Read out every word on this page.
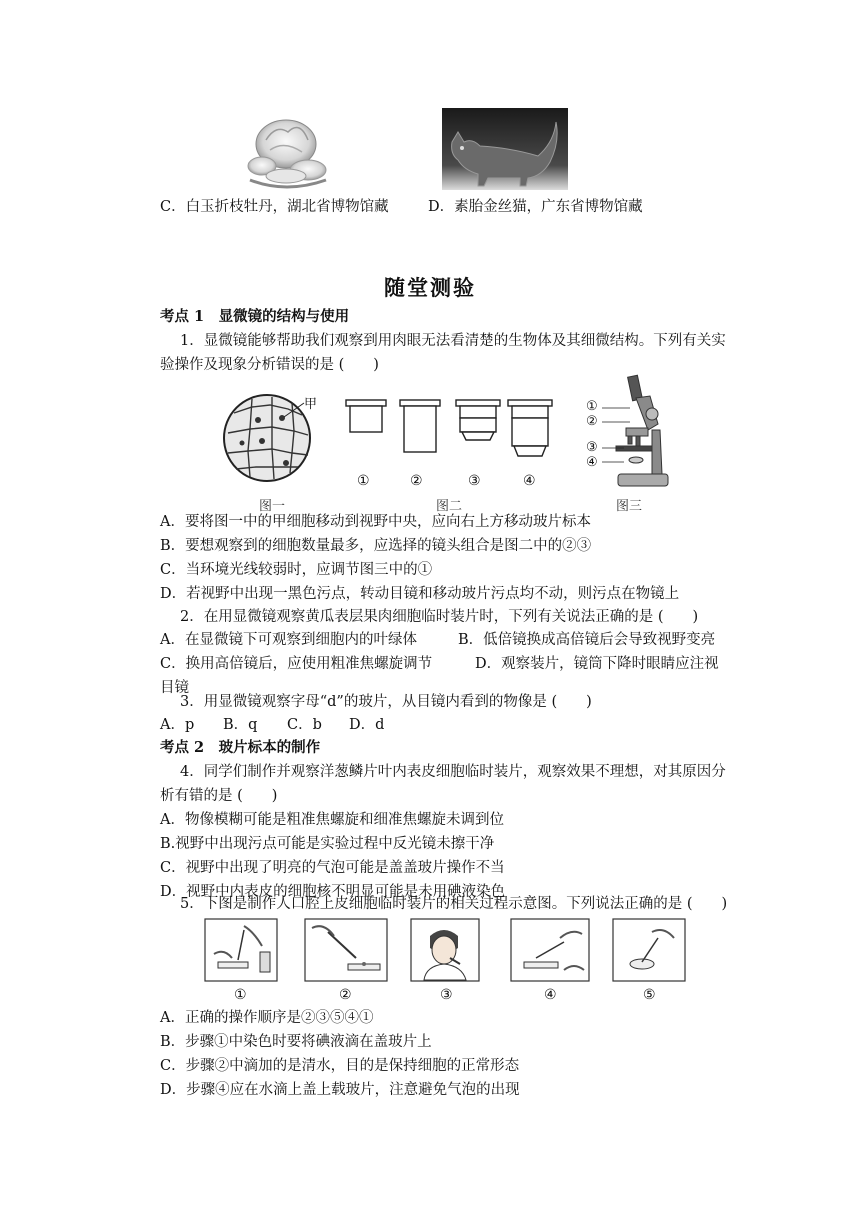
C．白玉折枝牡丹，湖北省博物馆藏	D．素胎金丝猫，广东省博物馆藏
随堂测验
考点 1　显微镜的结构与使用
1．显微镜能够帮助我们观察到用肉眼无法看清楚的生物体及其细微结构。下列有关实
验操作及现象分析错误的是 (　　)
甲
①	②	③	④
①
②
③
④
图一	图二	图三
A．要将图一中的甲细胞移动到视野中央，应向右上方移动玻片标本
B．要想观察到的细胞数量最多，应选择的镜头组合是图二中的②③
C．当环境光线较弱时，应调节图三中的①
D．若视野中出现一黑色污点，转动目镜和移动玻片污点均不动，则污点在物镜上
2．在用显微镜观察黄瓜表层果肉细胞临时装片时，下列有关说法正确的是 (　　)
A．在显微镜下可观察到细胞内的叶绿体	B．低倍镜换成高倍镜后会导致视野变亮
C．换用高倍镜后，应使用粗准焦螺旋调节	D．观察装片，镜筒下降时眼睛应注视
目镜
3．用显微镜观察字母“d”的玻片，从目镜内看到的物像是 (　　)
A．p B．q C．b D．d
考点 2　玻片标本的制作
4．同学们制作并观察洋葱鳞片叶内表皮细胞临时装片，观察效果不理想，对其原因分
析有错的是 (　　)
A．物像模糊可能是粗准焦螺旋和细准焦螺旋未调到位
B.视野中出现污点可能是实验过程中反光镜未擦干净
C．视野中出现了明亮的气泡可能是盖盖玻片操作不当
D．视野中内表皮的细胞核不明显可能是未用碘液染色
5．下图是制作人口腔上皮细胞临时装片的相关过程示意图。下列说法正确的是 (　　)
①	②	③	④	⑤
A．正确的操作顺序是②③⑤④①
B．步骤①中染色时要将碘液滴在盖玻片上
C．步骤②中滴加的是清水，目的是保持细胞的正常形态
D．步骤④应在水滴上盖上载玻片，注意避免气泡的出现
